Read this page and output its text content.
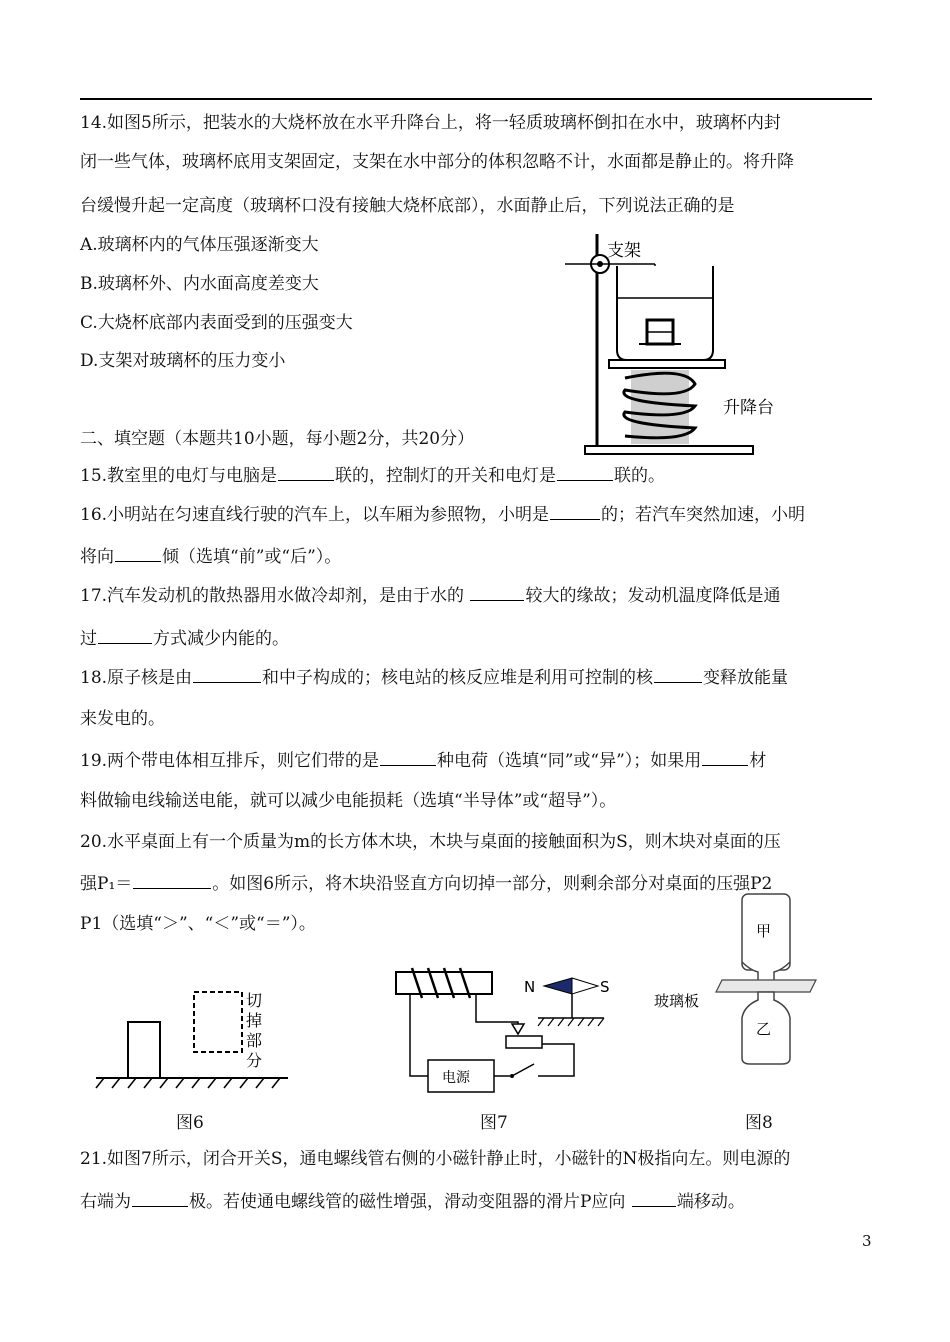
14.如图5所示，把装水的大烧杯放在水平升降台上，将一轻质玻璃杯倒扣在水中，玻璃杯内封
闭一些气体，玻璃杯底用支架固定，支架在水中部分的体积忽略不计，水面都是静止的。将升降
台缓慢升起一定高度（玻璃杯口没有接触大烧杯底部），水面静止后，下列说法正确的是
A.玻璃杯内的气体压强逐渐变大
B.玻璃杯外、内水面高度差变大
C.大烧杯底部内表面受到的压强变大
D.支架对玻璃杯的压力变小
支架
升降台
二、填空题（本题共10小题，每小题2分，共20分）
15.教室里的电灯与电脑是	联的，控制灯的开关和电灯是	联的。
16.小明站在匀速直线行驶的汽车上，以车厢为参照物，小明是	的；若汽车突然加速，小明
将向	倾（选填“前”或“后”）。
17.汽车发动机的散热器用水做冷却剂，是由于水的	较大的缘故；发动机温度降低是通
过	方式减少内能的。
18.原子核是由	和中子构成的；核电站的核反应堆是利用可控制的核	变释放能量
来发电的。
19.两个带电体相互排斥，则它们带的是	种电荷（选填“同”或“异”）；如果用	材
料做输电线输送电能，就可以减少电能损耗（选填“半导体”或“超导”）。
20.水平桌面上有一个质量为m的长方体木块，木块与桌面的接触面积为S，则木块对桌面的压
强P₁＝	。如图6所示，将木块沿竖直方向切掉一部分，则剩余部分对桌面的压强P2
P1（选填“＞”、“＜”或“＝”）。
切
掉
部
分
图6
电源
N	S
图7
甲
玻璃板
乙
图8
21.如图7所示，闭合开关S，通电螺线管右侧的小磁针静止时，小磁针的N极指向左。则电源的
右端为	极。若使通电螺线管的磁性增强，滑动变阻器的滑片P应向	端移动。
3
